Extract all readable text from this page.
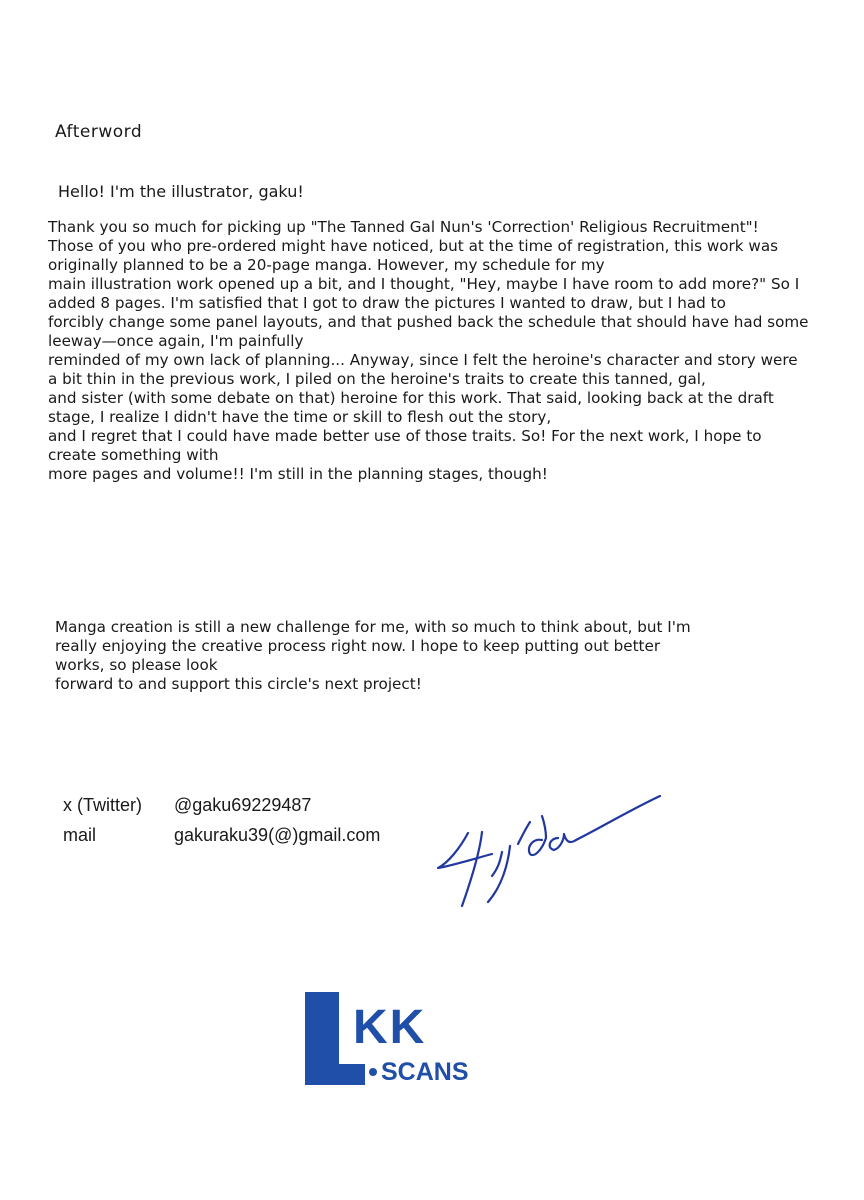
Afterword
Hello! I'm the illustrator, gaku!

Thank you so much for picking up "The Tanned Gal Nun's 'Correction' Religious Recruitment"!
Those of you who pre-ordered might have noticed, but at the time of registration, this work was
originally planned to be a 20-page manga. However, my schedule for my
main illustration work opened up a bit, and I thought, "Hey, maybe I have room to add more?" So I
added 8 pages. I'm satisfied that I got to draw the pictures I wanted to draw, but I had to
forcibly change some panel layouts, and that pushed back the schedule that should have had some
leeway—once again, I'm painfully
reminded of my own lack of planning... Anyway, since I felt the heroine's character and story were
a bit thin in the previous work, I piled on the heroine's traits to create this tanned, gal,
and sister (with some debate on that) heroine for this work. That said, looking back at the draft
stage, I realize I didn't have the time or skill to flesh out the story,
and I regret that I could have made better use of those traits. So! For the next work, I hope to
create something with
more pages and volume!! I'm still in the planning stages, though!

Manga creation is still a new challenge for me, with so much to think about, but I'm
really enjoying the creative process right now. I hope to keep putting out better
works, so please look
forward to and support this circle's next project!

x (Twitter) @gaku69229487
mail	gakuraku39(@)gmail.com
KK
SCANS
